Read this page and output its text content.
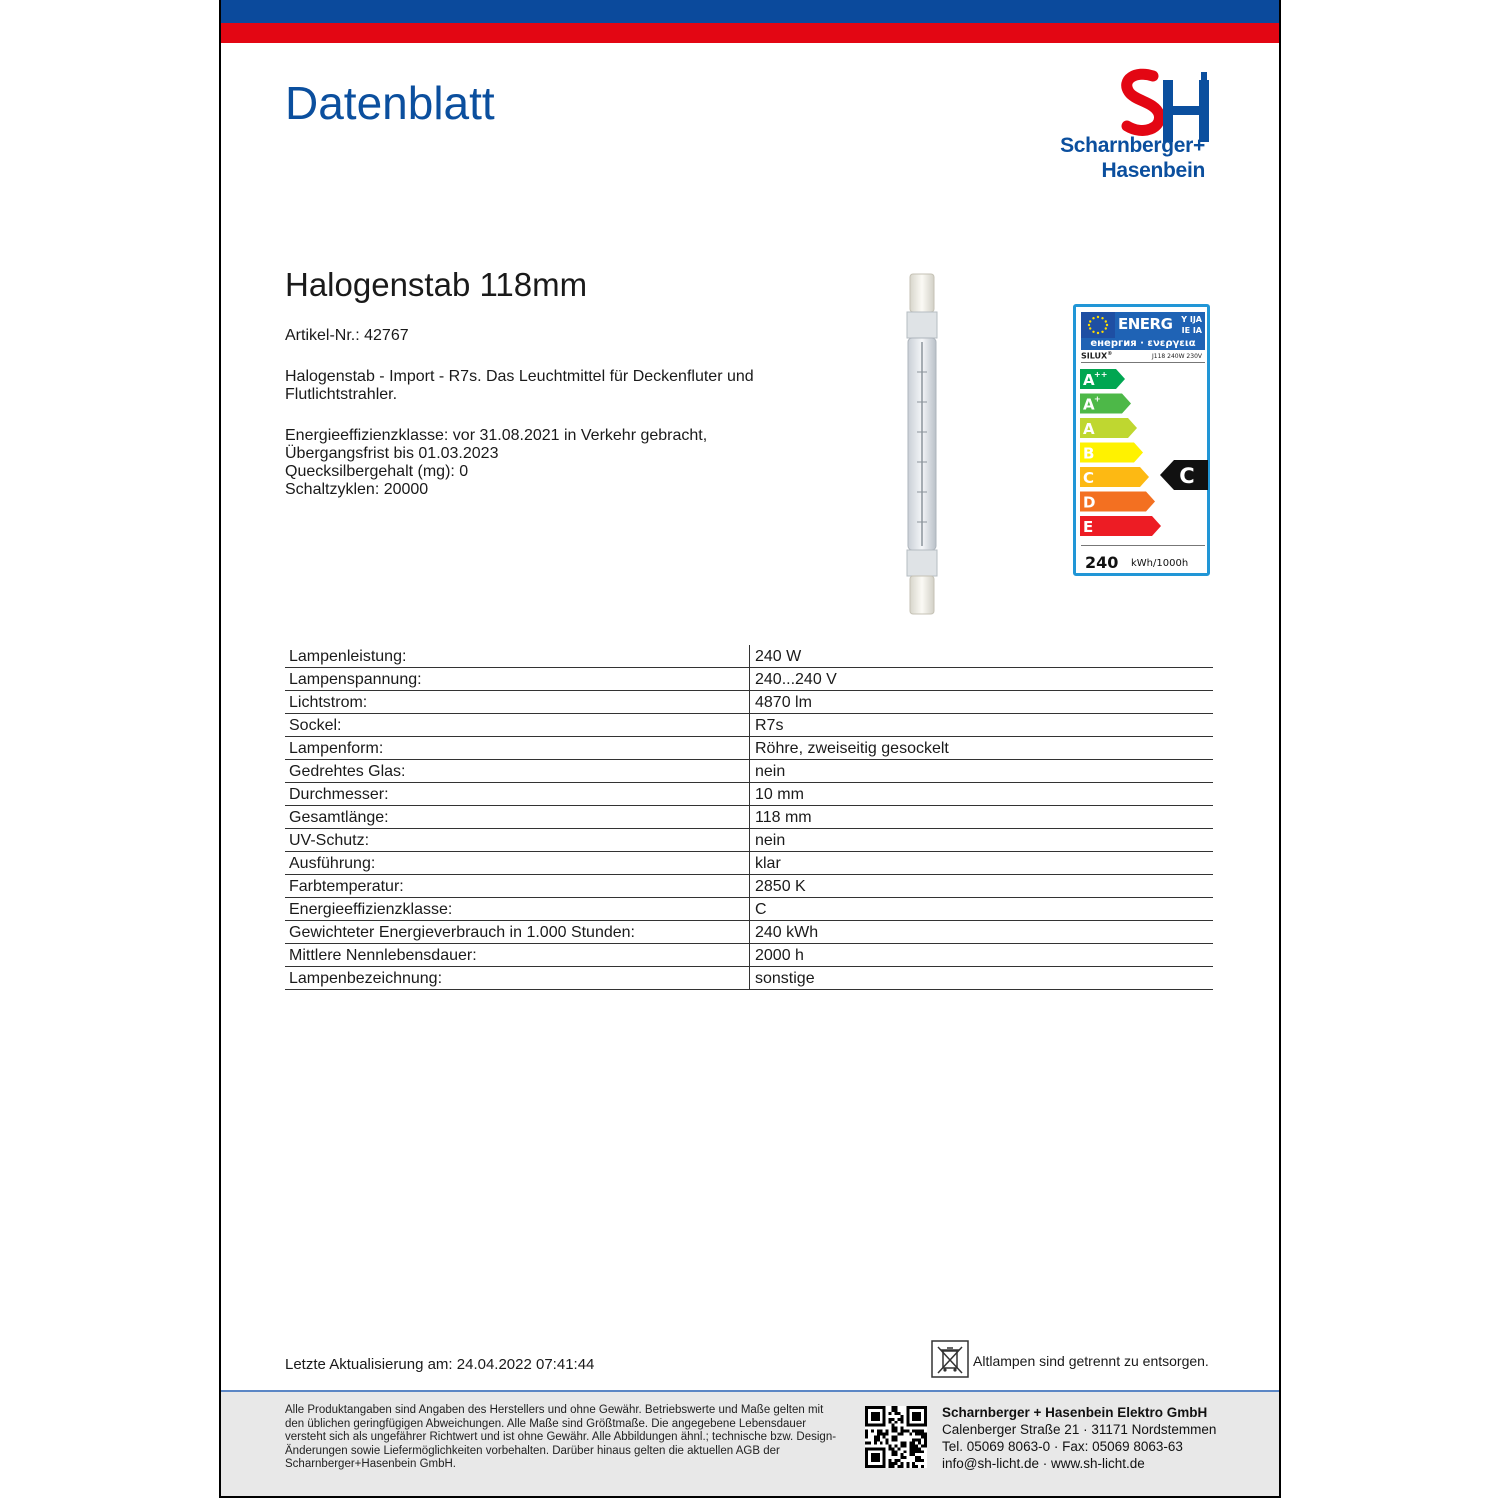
Datenblatt
Scharnberger+
Hasenbein
Halogenstab 118mm
Artikel-Nr.: 42767
Halogenstab - Import - R7s. Das Leuchtmittel für Deckenfluter und Flutlichtstrahler.
Energieeffizienzklasse: vor 31.08.2021 in Verkehr gebracht,
Übergangsfrist bis 01.03.2023
Quecksilbergehalt (mg): 0
Schaltzyklen: 20000
ENERG Y IJA
IE IA
енергия · ενεργεια
SILUX®	J118 240W 230V
A ++
A +
A
B
C
D
E
C
240 kWh/1000h
Lampenleistung:	240 W
Lampenspannung:	240...240 V
Lichtstrom:	4870 lm
Sockel:	R7s
Lampenform:	Röhre, zweiseitig gesockelt
Gedrehtes Glas:	nein
Durchmesser:	10 mm
Gesamtlänge:	118 mm
UV-Schutz:	nein
Ausführung:	klar
Farbtemperatur:	2850 K
Energieeffizienzklasse:	C
Gewichteter Energieverbrauch in 1.000 Stunden:	240 kWh
Mittlere Nennlebensdauer:	2000 h
Lampenbezeichnung:	sonstige
Letzte Aktualisierung am: 24.04.2022 07:41:44	Altlampen sind getrennt zu entsorgen.
Alle Produktangaben sind Angaben des Herstellers und ohne Gewähr. Betriebswerte und Maße gelten mit den üblichen geringfügigen Abweichungen. Alle Maße sind Größtmaße. Die angegebene Lebensdauer versteht sich als ungefährer Richtwert und ist ohne Gewähr. Alle Abbildungen ähnl.; technische bzw. Design-Änderungen sowie Liefermöglichkeiten vorbehalten. Darüber hinaus gelten die aktuellen AGB der Scharnberger+Hasenbein GmbH.
Scharnberger + Hasenbein Elektro GmbH
Calenberger Straße 21 · 31171 Nordstemmen
Tel. 05069 8063-0 · Fax: 05069 8063-63
info@sh-licht.de · www.sh-licht.de
